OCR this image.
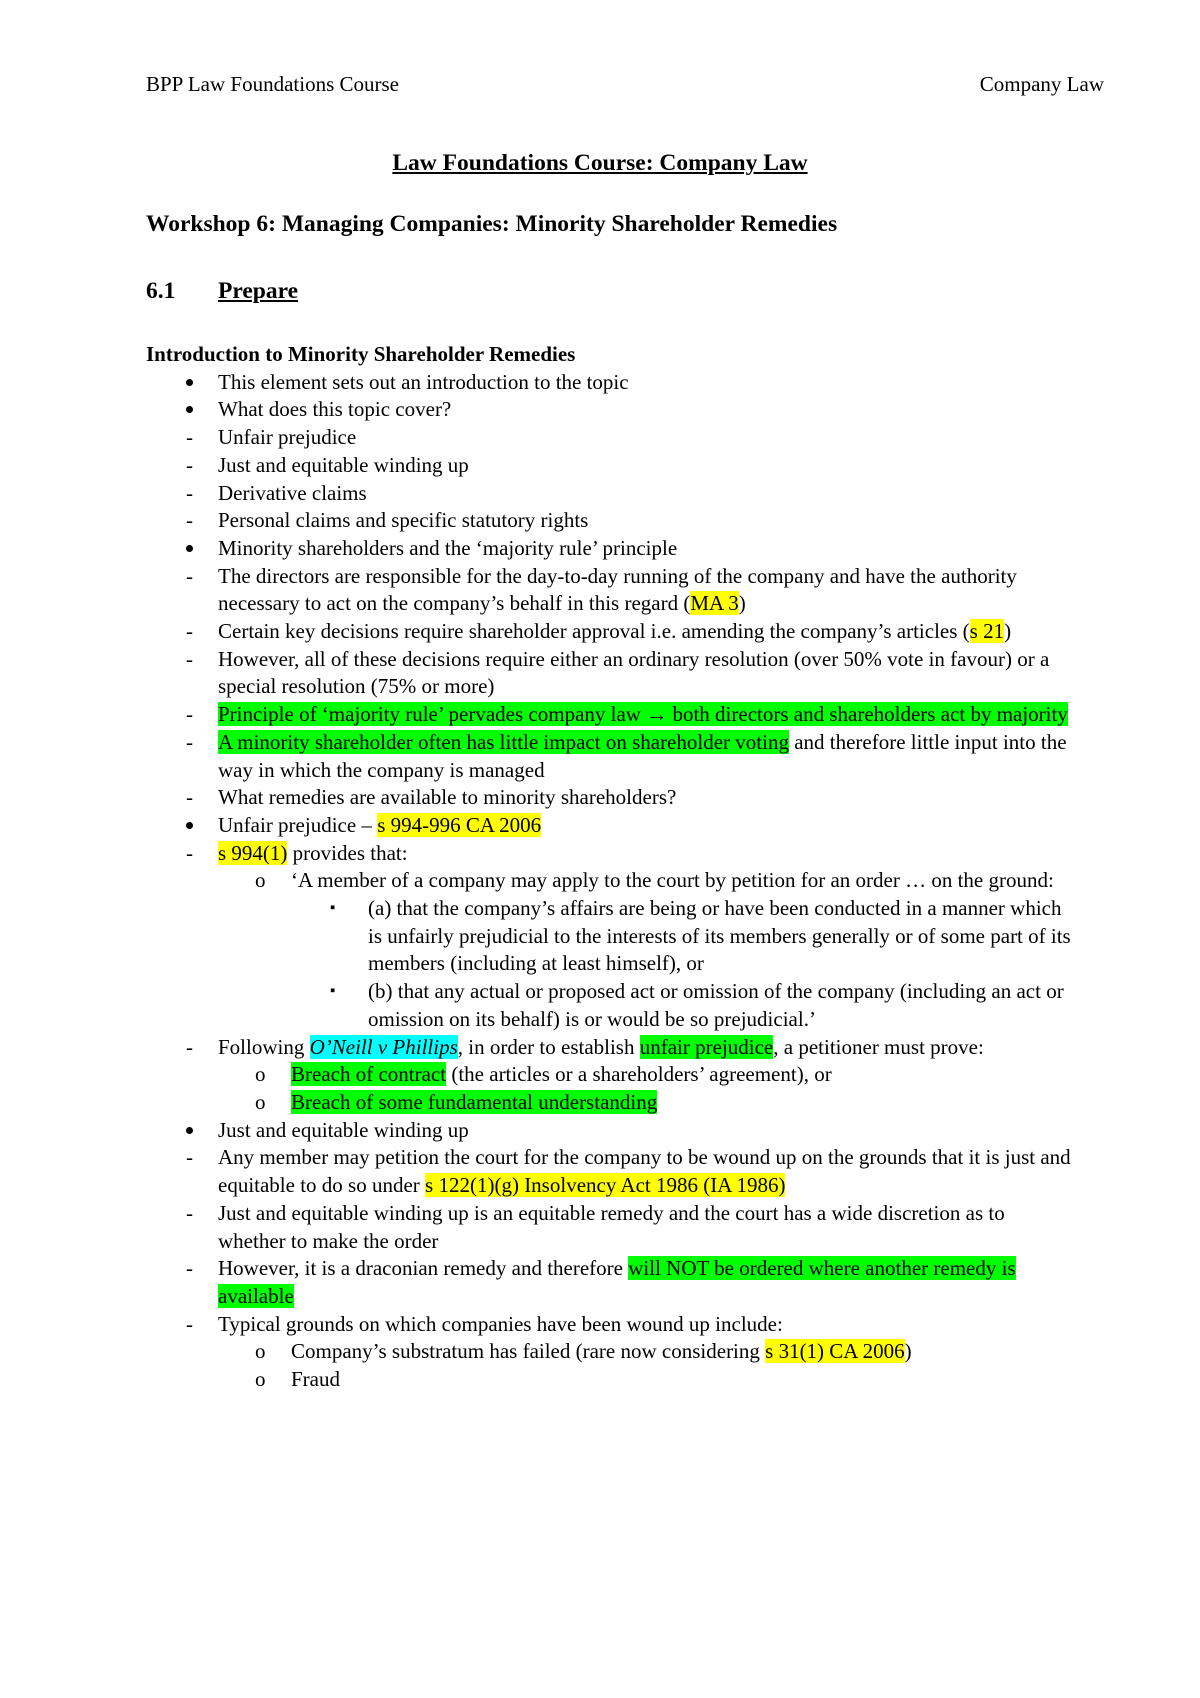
BPP Law Foundations Course	Company Law
Law Foundations Course: Company Law
Workshop 6: Managing Companies: Minority Shareholder Remedies
6.1 Prepare
Introduction to Minority Shareholder Remedies
This element sets out an introduction to the topic
What does this topic cover?
- Unfair prejudice
- Just and equitable winding up
- Derivative claims
- Personal claims and specific statutory rights
Minority shareholders and the ‘majority rule’ principle
- The directors are responsible for the day-to-day running of the company and have the authority necessary to act on the company’s behalf in this regard (MA 3)
- Certain key decisions require shareholder approval i.e. amending the company’s articles (s 21)
- However, all of these decisions require either an ordinary resolution (over 50% vote in favour) or a special resolution (75% or more)
- Principle of ‘majority rule’ pervades company law → both directors and shareholders act by majority
- A minority shareholder often has little impact on shareholder voting and therefore little input into the way in which the company is managed
- What remedies are available to minority shareholders?
Unfair prejudice – s 994-996 CA 2006
- s 994(1) provides that:
o ‘A member of a company may apply to the court by petition for an order … on the ground:
▪ (a) that the company’s affairs are being or have been conducted in a manner which is unfairly prejudicial to the interests of its members generally or of some part of its members (including at least himself), or
▪ (b) that any actual or proposed act or omission of the company (including an act or omission on its behalf) is or would be so prejudicial.’
- Following O’Neill v Phillips, in order to establish unfair prejudice, a petitioner must prove:
o Breach of contract (the articles or a shareholders’ agreement), or
o Breach of some fundamental understanding
Just and equitable winding up
- Any member may petition the court for the company to be wound up on the grounds that it is just and equitable to do so under s 122(1)(g) Insolvency Act 1986 (IA 1986)
- Just and equitable winding up is an equitable remedy and the court has a wide discretion as to whether to make the order
- However, it is a draconian remedy and therefore will NOT be ordered where another remedy is available
- Typical grounds on which companies have been wound up include:
o Company’s substratum has failed (rare now considering s 31(1) CA 2006)
o Fraud
